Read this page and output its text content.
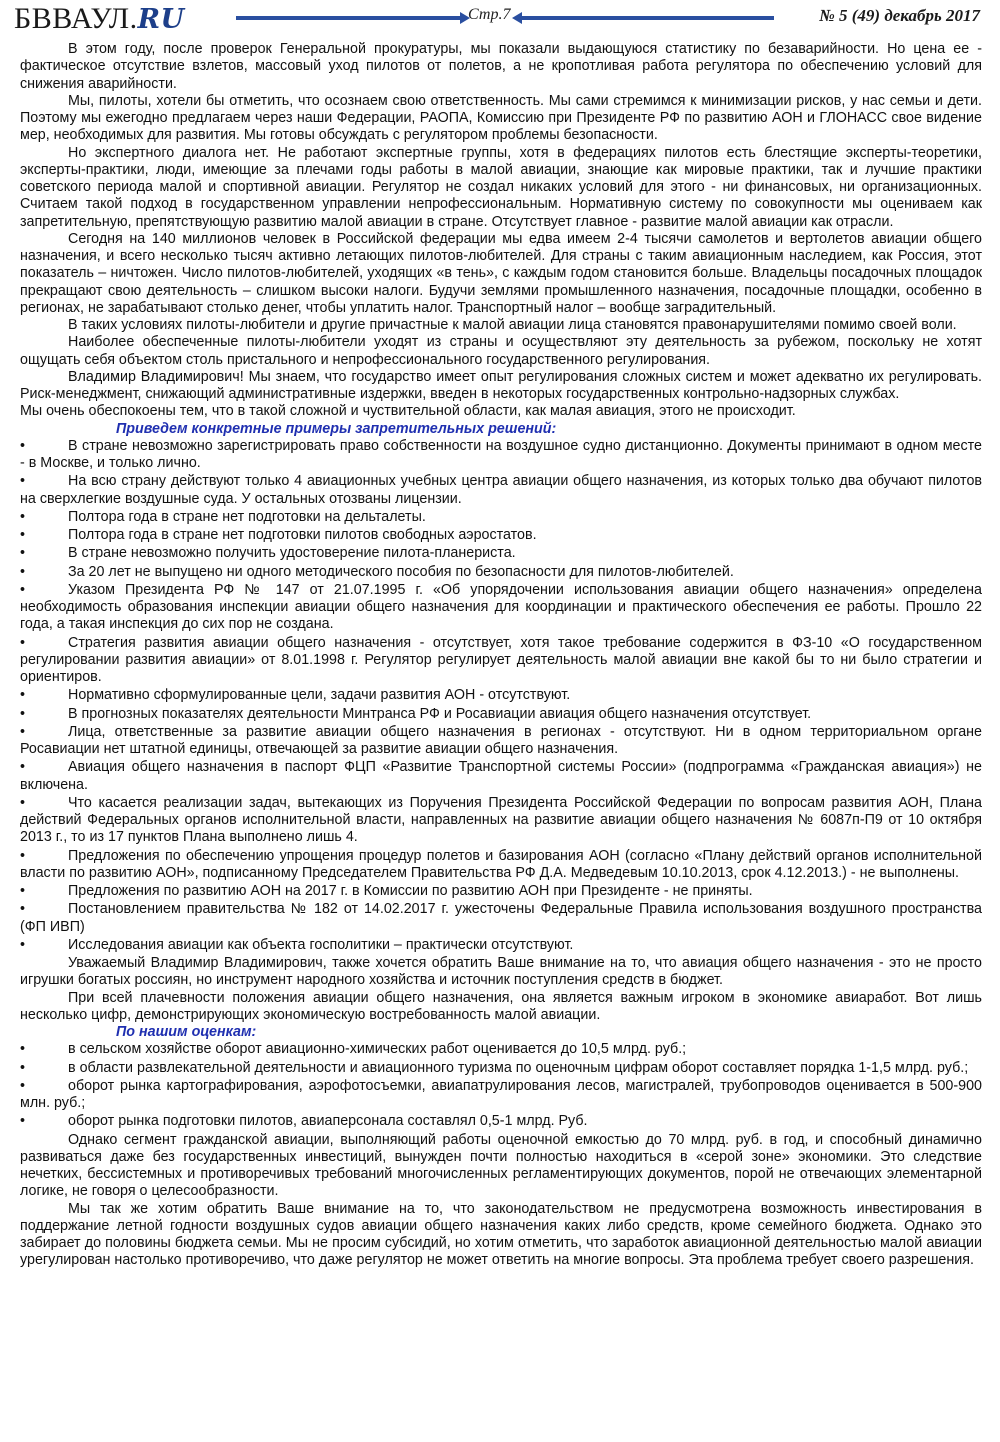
БВВАУЛ.RU	Стр.7	№ 5 (49) декабрь 2017

В этом году, после проверок Генеральной прокуратуры, мы показали выдающуюся статистику по безаварийности. Но цена ее - фактическое отсутствие взлетов, массовый уход пилотов от полетов, а не кропотливая работа регулятора по обеспечению условий для снижения аварийности.

Мы, пилоты, хотели бы отметить, что осознаем свою ответственность. Мы сами стремимся к минимизации рисков, у нас семьи и дети. Поэтому мы ежегодно предлагаем через наши Федерации, РАОПА, Комиссию при Президенте РФ по развитию АОН и ГЛОНАСС свое видение мер, необходимых для развития. Мы готовы обсуждать с регулятором проблемы безопасности.

Но экспертного диалога нет. Не работают экспертные группы, хотя в федерациях пилотов есть блестящие эксперты-теоретики, эксперты-практики, люди, имеющие за плечами годы работы в малой авиации, знающие как мировые практики, так и лучшие практики советского периода малой и спортивной авиации. Регулятор не создал никаких условий для этого - ни финансовых, ни организационных. Считаем такой подход в государственном управлении непрофессиональным. Нормативную систему по совокупности мы оцениваем как запретительную, препятствующую развитию малой авиации в стране. Отсутствует главное - развитие малой авиации как отрасли.

Сегодня на 140 миллионов человек в Российской федерации мы едва имеем 2-4 тысячи самолетов и вертолетов авиации общего назначения, и всего несколько тысяч активно летающих пилотов-любителей. Для страны с таким авиационным наследием, как Россия, этот показатель – ничтожен. Число пилотов-любителей, уходящих «в тень», с каждым годом становится больше. Владельцы посадочных площадок прекращают свою деятельность – слишком высоки налоги. Будучи землями промышленного назначения, посадочные площадки, особенно в регионах, не зарабатывают столько денег, чтобы уплатить налог. Транспортный налог – вообще заградительный.

В таких условиях пилоты-любители и другие причастные к малой авиации лица становятся правонарушителями помимо своей воли.

Наиболее обеспеченные пилоты-любители уходят из страны и осуществляют эту деятельность за рубежом, поскольку не хотят ощущать себя объектом столь пристального и непрофессионального государственного регулирования.

Владимир Владимирович! Мы знаем, что государство имеет опыт регулирования сложных систем и может адекватно их регулировать. Риск-менеджмент, снижающий административные издержки, введен в некоторых государственных контрольно-надзорных службах.

Мы очень обеспокоены тем, что в такой сложной и чуствительной области, как малая авиация, этого не происходит.

Приведем конкретные примеры запретительных решений:

•	В стране невозможно зарегистрировать право собственности на воздушное судно дистанционно. Документы принимают в одном месте - в Москве, и только лично.
•	На всю страну действуют только 4 авиационных учебных центра авиации общего назначения, из которых только два обучают пилотов на сверхлегкие воздушные суда. У остальных отозваны лицензии.
•	Полтора года в стране нет подготовки на дельталеты.
•	Полтора года в стране нет подготовки пилотов свободных аэростатов.
•	В стране невозможно получить удостоверение пилота-планериста.
•	За 20 лет не выпущено ни одного методического пособия по безопасности для пилотов-любителей.
•	Указом Президента РФ № 147 от 21.07.1995 г. «Об упорядочении использования авиации общего назначения» определена необходимость образования инспекции авиации общего назначения для координации и практического обеспечения ее работы. Прошло 22 года, а такая инспекция до сих пор не создана.
•	Стратегия развития авиации общего назначения - отсутствует, хотя такое требование содержится в ФЗ-10 «О государственном регулировании развития авиации» от 8.01.1998 г. Регулятор регулирует деятельность малой авиации вне какой бы то ни было стратегии и ориентиров.
•	Нормативно сформулированные цели, задачи развития АОН - отсутствуют.
•	В прогнозных показателях деятельности Минтранса РФ и Росавиации авиация общего назначения отсутствует.
•	Лица, ответственные за развитие авиации общего назначения в регионах - отсутствуют. Ни в одном территориальном органе Росавиации нет штатной единицы, отвечающей за развитие авиации общего назначения.
•	Авиация общего назначения в паспорт ФЦП «Развитие Транспортной системы России» (подпрограмма «Гражданская авиация») не включена.
•	Что касается реализации задач, вытекающих из Поручения Президента Российской Федерации по вопросам развития АОН, Плана действий Федеральных органов исполнительной власти, направленных на развитие авиации общего назначения № 6087п-П9 от 10 октября 2013 г., то из 17 пунктов Плана выполнено лишь 4.
•	Предложения по обеспечению упрощения процедур полетов и базирования АОН (согласно «Плану действий органов исполнительной власти по развитию АОН», подписанному Председателем Правительства РФ Д.А. Медведевым 10.10.2013, срок 4.12.2013.) - не выполнены.
•	Предложения по развитию АОН на 2017 г. в Комиссии по развитию АОН при Президенте - не приняты.
•	Постановлением правительства № 182 от 14.02.2017 г. ужесточены Федеральные Правила использования воздушного пространства (ФП ИВП)
•	Исследования авиации как объекта госполитики – практически отсутствуют.

Уважаемый Владимир Владимирович, также хочется обратить Ваше внимание на то, что авиация общего назначения - это не просто игрушки богатых россиян, но инструмент народного хозяйства и источник поступления средств в бюджет.

При всей плачевности положения авиации общего назначения, она является важным игроком в экономике авиаработ. Вот лишь несколько цифр, демонстрирующих экономическую востребованность малой авиации.

По нашим оценкам:

•	в сельском хозяйстве оборот авиационно-химических работ оценивается до 10,5 млрд. руб.;
•	в области развлекательной деятельности и авиационного туризма по оценочным цифрам оборот составляет порядка 1-1,5 млрд. руб.;
•	оборот рынка картографирования, аэрофотосъемки, авиапатрулирования лесов, магистралей, трубопроводов оценивается в 500-900 млн. руб.;
•	оборот рынка подготовки пилотов, авиаперсонала составлял 0,5-1 млрд. Руб.

Однако сегмент гражданской авиации, выполняющий работы оценочной емкостью до 70 млрд. руб. в год, и способный динамично развиваться даже без государственных инвестиций, вынужден почти полностью находиться в «серой зоне» экономики. Это следствие нечетких, бессистемных и противоречивых требований многочисленных регламентирующих документов, порой не отвечающих элементарной логике, не говоря о целесообразности.

Мы так же хотим обратить Ваше внимание на то, что законодательством не предусмотрена возможность инвестирования в поддержание летной годности воздушных судов авиации общего назначения каких либо средств, кроме семейного бюджета. Однако это забирает до половины бюджета семьи. Мы не просим субсидий, но хотим отметить, что заработок авиационной деятельностью малой авиации урегулирован настолько противоречиво, что даже регулятор не может ответить на многие вопросы. Эта проблема требует своего разрешения.
